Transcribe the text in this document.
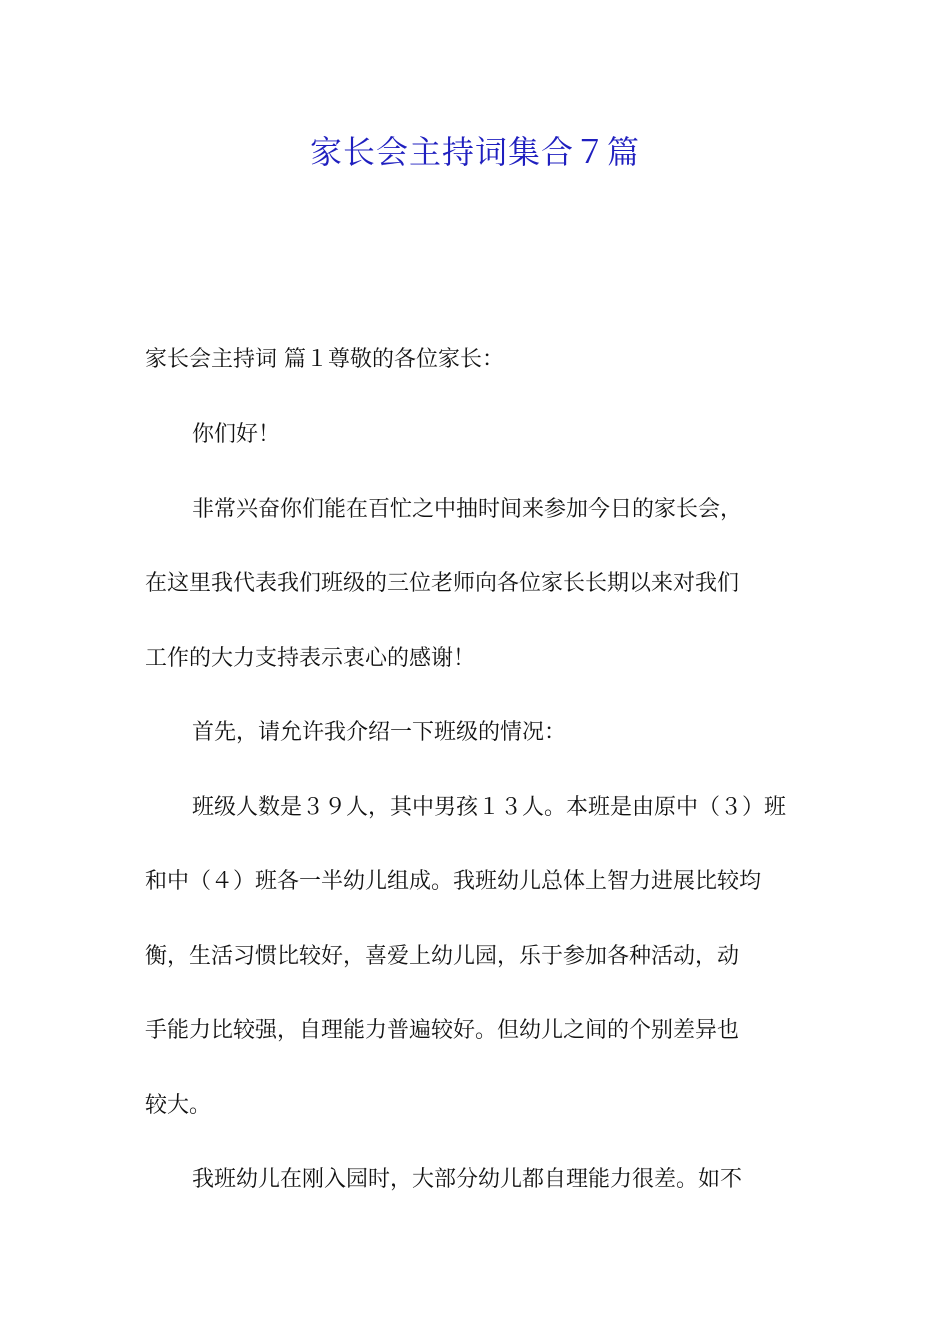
家长会主持词集合７篇

家长会主持词 篇１尊敬的各位家长：

你们好！

非常兴奋你们能在百忙之中抽时间来参加今日的家长会，

在这里我代表我们班级的三位老师向各位家长长期以来对我们

工作的大力支持表示衷心的感谢！

首先，请允许我介绍一下班级的情况：

班级人数是３９人，其中男孩１３人。本班是由原中（３）班

和中（４）班各一半幼儿组成。我班幼儿总体上智力进展比较均

衡，生活习惯比较好，喜爱上幼儿园，乐于参加各种活动，动

手能力比较强，自理能力普遍较好。但幼儿之间的个别差异也

较大。

我班幼儿在刚入园时，大部分幼儿都自理能力很差。如不
